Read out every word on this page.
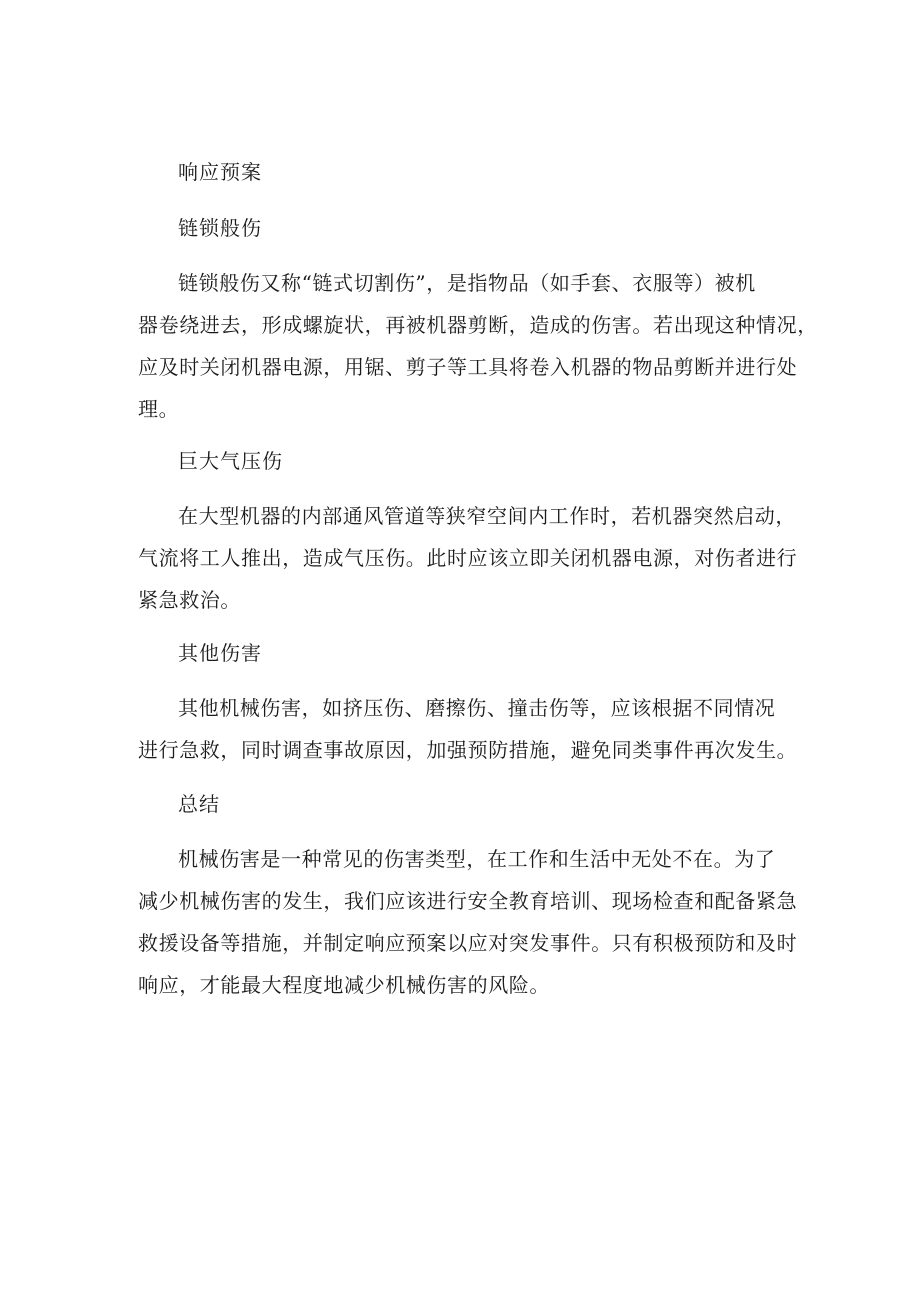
响应预案
链锁般伤
链锁般伤又称“链式切割伤”，是指物品（如手套、衣服等）被机
器卷绕进去，形成螺旋状，再被机器剪断，造成的伤害。若出现这种情况，
应及时关闭机器电源，用锯、剪子等工具将卷入机器的物品剪断并进行处
理。
巨大气压伤
在大型机器的内部通风管道等狭窄空间内工作时，若机器突然启动，
气流将工人推出，造成气压伤。此时应该立即关闭机器电源，对伤者进行
紧急救治。
其他伤害
其他机械伤害，如挤压伤、磨擦伤、撞击伤等，应该根据不同情况
进行急救，同时调查事故原因，加强预防措施，避免同类事件再次发生。
总结
机械伤害是一种常见的伤害类型，在工作和生活中无处不在。为了
减少机械伤害的发生，我们应该进行安全教育培训、现场检查和配备紧急
救援设备等措施，并制定响应预案以应对突发事件。只有积极预防和及时
响应，才能最大程度地减少机械伤害的风险。
